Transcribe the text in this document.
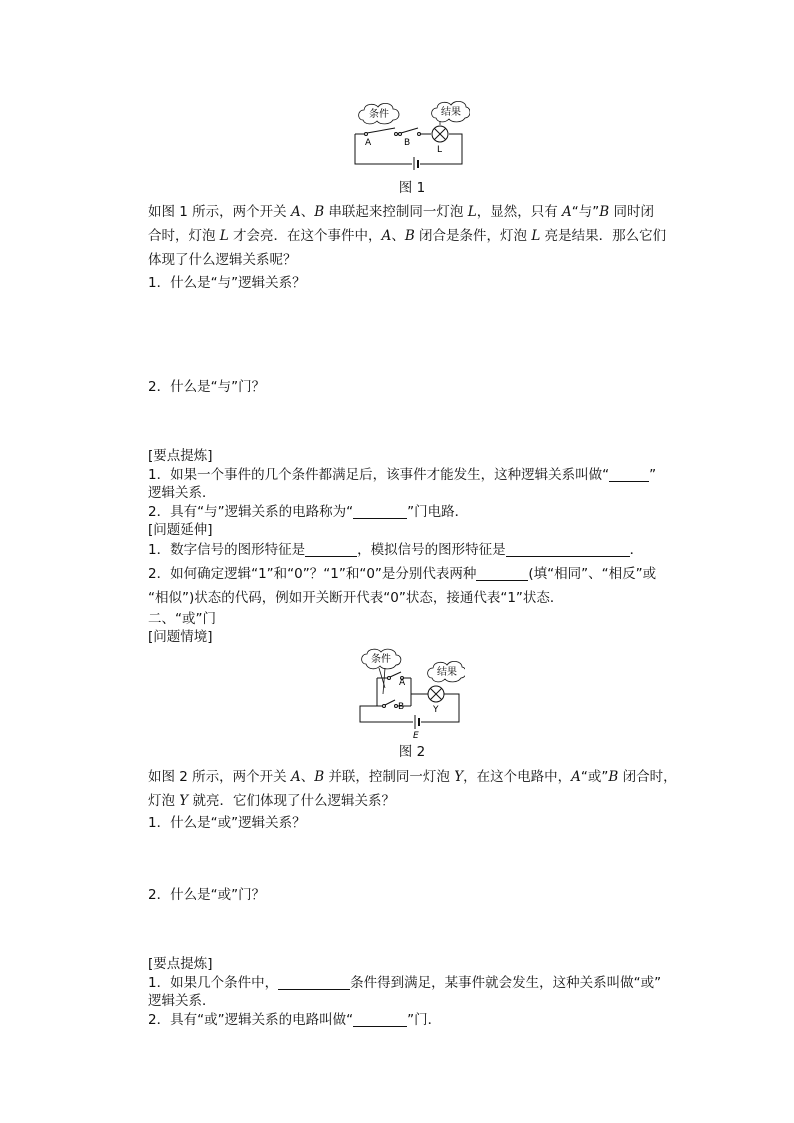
条件	结果
A	B
L
图 1
如图 1 所示，两个开关 A、B 串联起来控制同一灯泡 L，显然，只有 A“与”B 同时闭
合时，灯泡 L 才会亮．在这个事件中，A、B 闭合是条件，灯泡 L 亮是结果．那么它们
体现了什么逻辑关系呢？
1．什么是“与”逻辑关系？
2．什么是“与”门？
[要点提炼]
1．如果一个事件的几个条件都满足后，该事件才能发生，这种逻辑关系叫做“	”
逻辑关系．
2．具有“与”逻辑关系的电路称为“	”门电路．
[问题延伸]
1．数字信号的图形特征是	，模拟信号的图形特征是	．
2．如何确定逻辑“1”和“0”？“1”和“0”是分别代表两种	(填“相同”、“相反”或
“相似”)状态的代码，例如开关断开代表“0”状态，接通代表“1”状态．
二、“或”门
[问题情境]
条件
结果
A
B	Y
E
图 2
如图 2 所示，两个开关 A、B 并联，控制同一灯泡 Y，在这个电路中，A“或”B 闭合时，
灯泡 Y 就亮．它们体现了什么逻辑关系？
1．什么是“或”逻辑关系？
2．什么是“或”门？
[要点提炼]
1．如果几个条件中，	条件得到满足，某事件就会发生，这种关系叫做“或”
逻辑关系．
2．具有“或”逻辑关系的电路叫做“	”门．
